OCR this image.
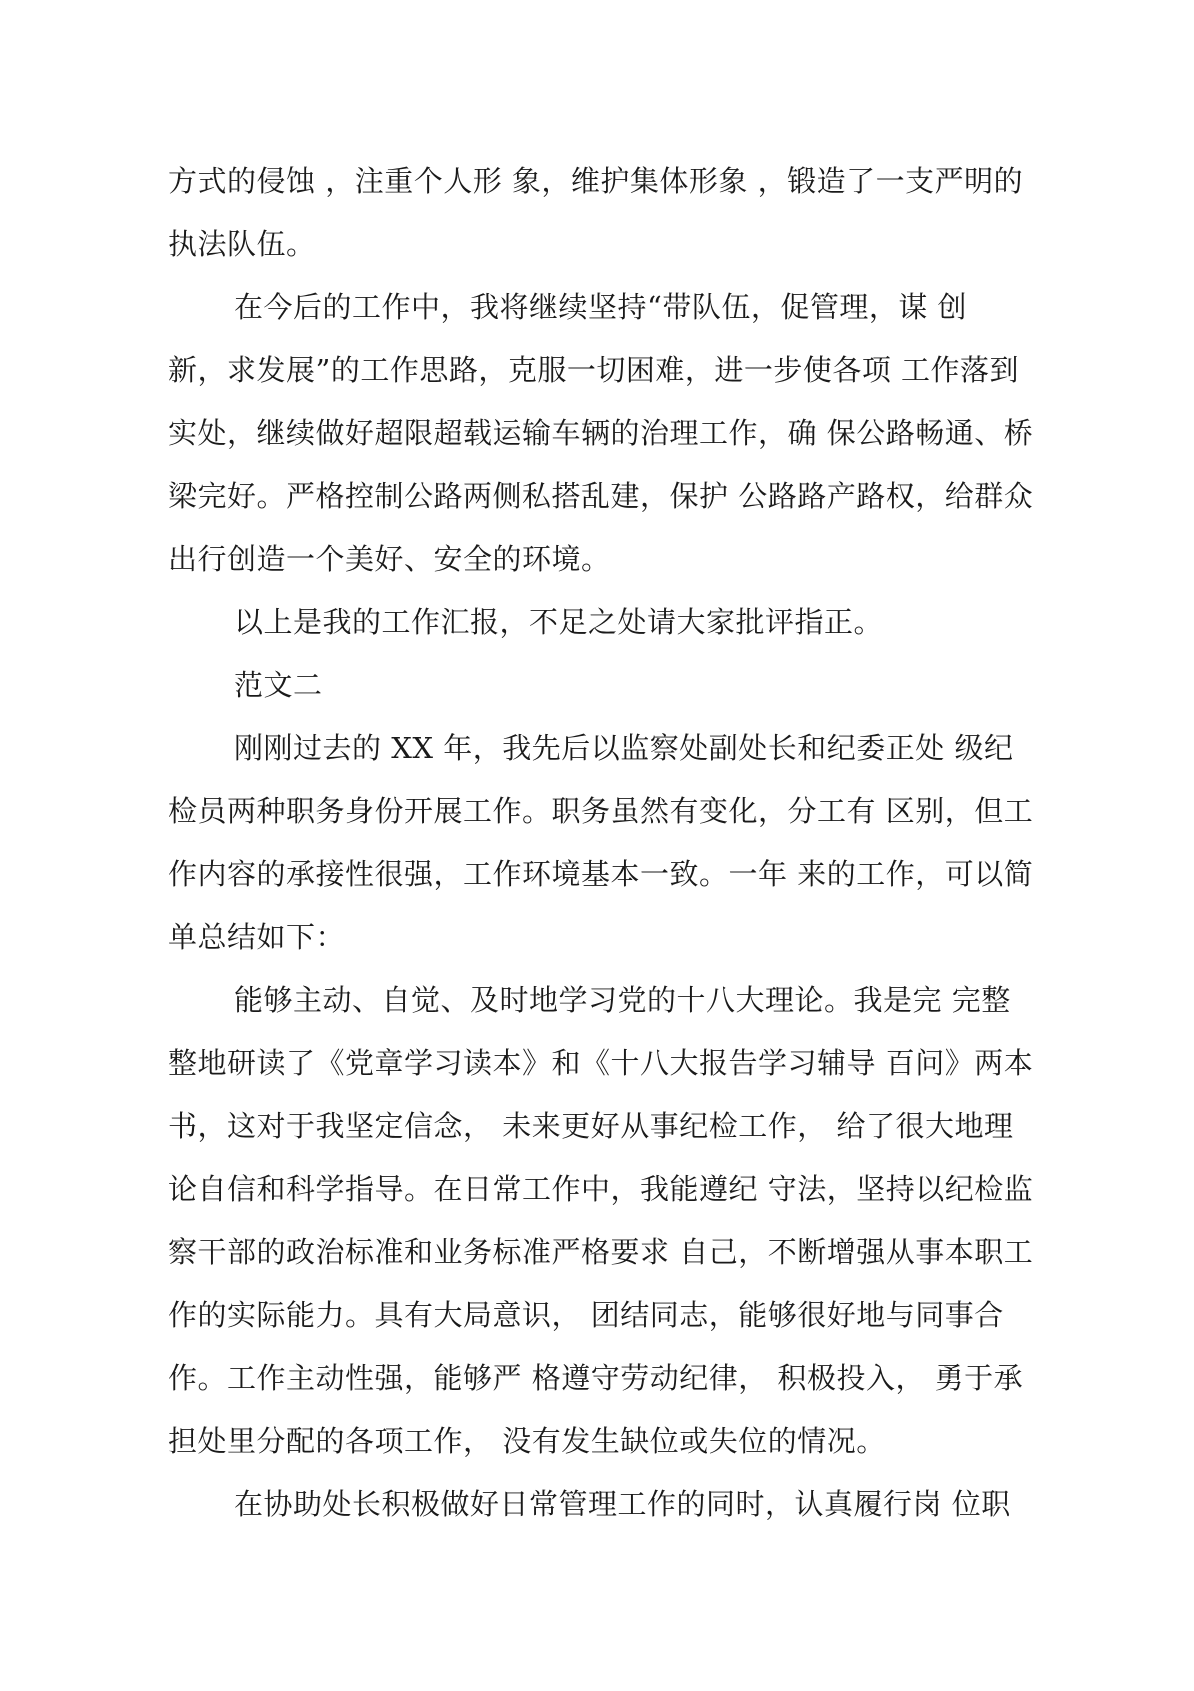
方式的侵蚀 ，注重个人形 象，维护集体形象 ，锻造了一支严明的
执法队伍。
在今后的工作中，我将继续坚持“带队伍，促管理，谋 创
新，求发展”的工作思路，克服一切困难，进一步使各项 工作落到
实处，继续做好超限超载运输车辆的治理工作，确 保公路畅通、桥
梁完好。严格控制公路两侧私搭乱建，保护 公路路产路权，给群众
出行创造一个美好、安全的环境。
以上是我的工作汇报，不足之处请大家批评指正。
范文二
刚刚过去的 XX 年，我先后以监察处副处长和纪委正处 级纪
检员两种职务身份开展工作。职务虽然有变化，分工有 区别，但工
作内容的承接性很强，工作环境基本一致。一年 来的工作，可以简
单总结如下：
能够主动、自觉、及时地学习党的十八大理论。我是完 完整
整地研读了《党章学习读本》和《十八大报告学习辅导 百问》两本
书，这对于我坚定信念， 未来更好从事纪检工作， 给了很大地理
论自信和科学指导。在日常工作中，我能遵纪 守法，坚持以纪检监
察干部的政治标准和业务标准严格要求 自己，不断增强从事本职工
作的实际能力。具有大局意识， 团结同志，能够很好地与同事合
作。工作主动性强，能够严 格遵守劳动纪律， 积极投入， 勇于承
担处里分配的各项工作， 没有发生缺位或失位的情况。
在协助处长积极做好日常管理工作的同时，认真履行岗 位职
